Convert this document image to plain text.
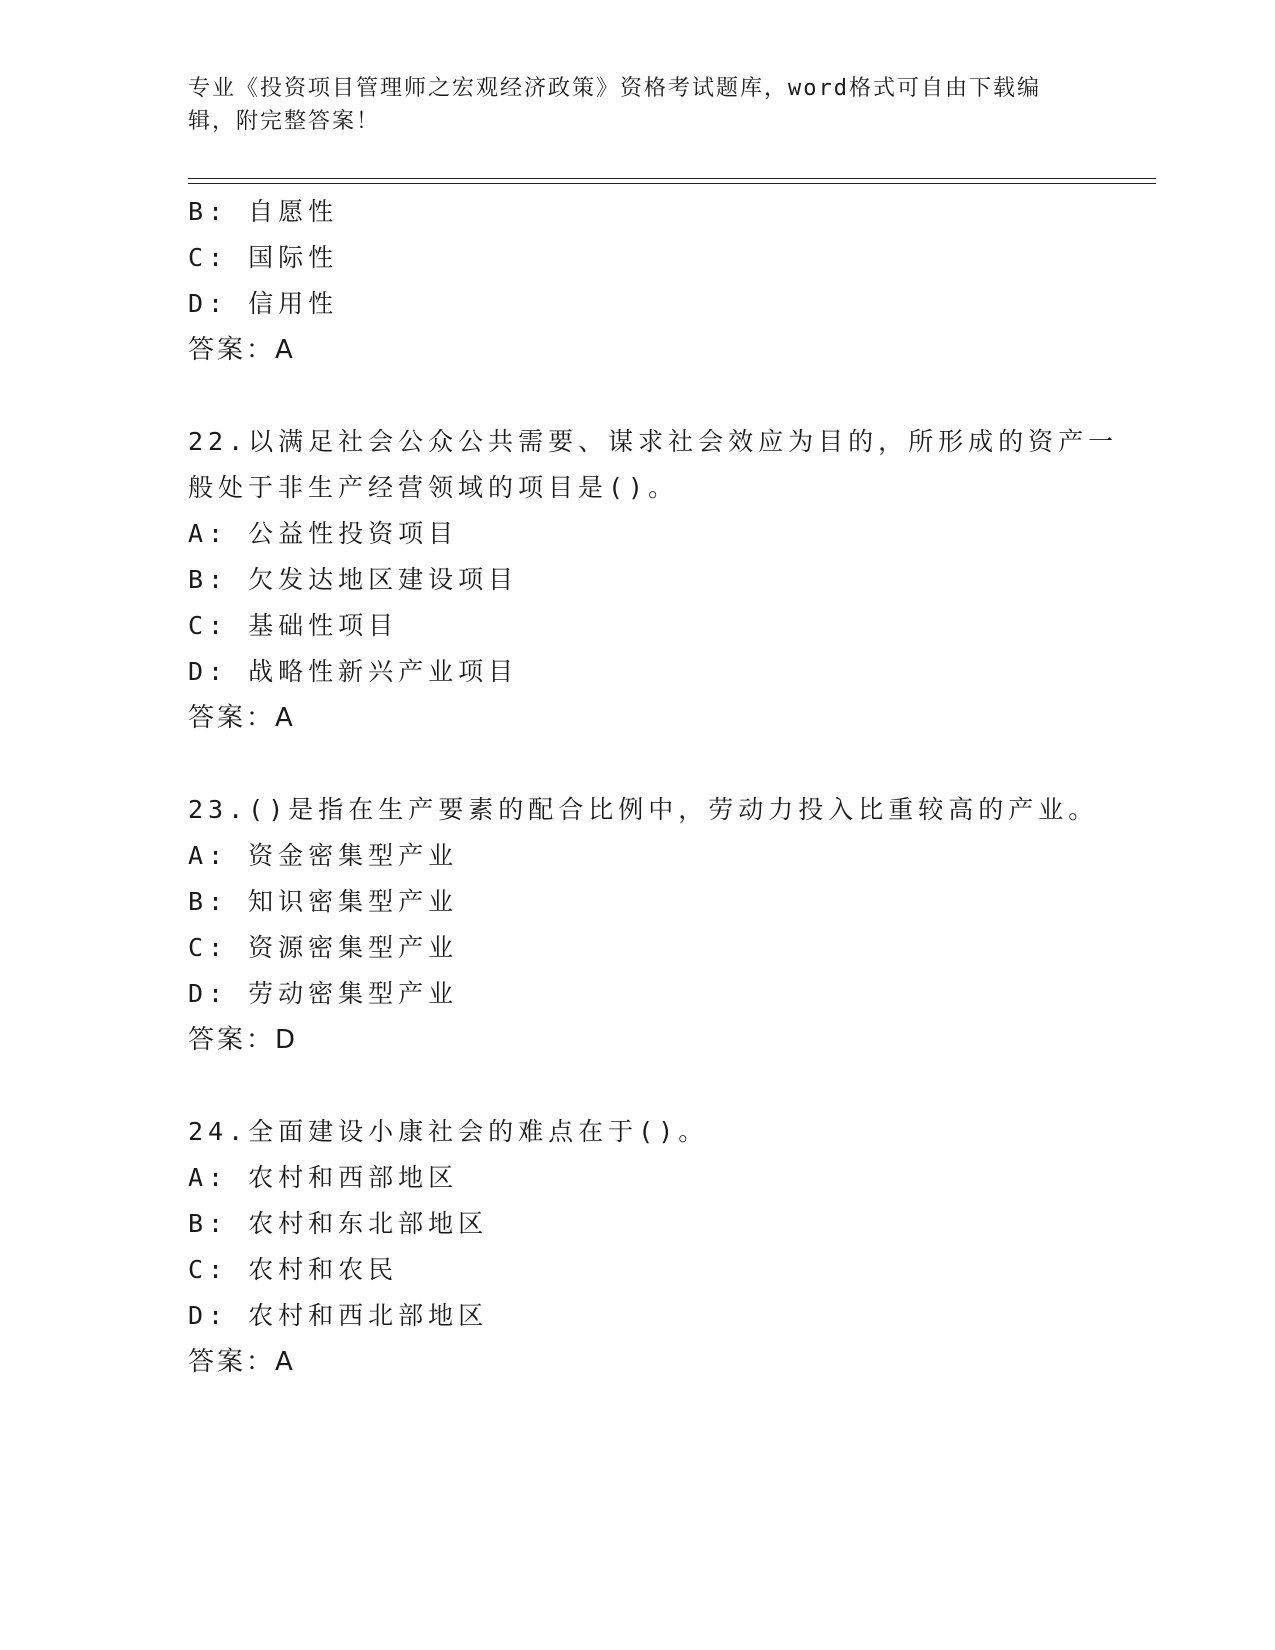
专业《投资项目管理师之宏观经济政策》资格考试题库，word格式可自由下载编辑，附完整答案！
B: 自愿性
C: 国际性
D: 信用性
答案：A
22.以满足社会公众公共需要、谋求社会效应为目的，所形成的资产一
般处于非生产经营领域的项目是()。
A: 公益性投资项目
B: 欠发达地区建设项目
C: 基础性项目
D: 战略性新兴产业项目
答案：A
23.()是指在生产要素的配合比例中，劳动力投入比重较高的产业。
A: 资金密集型产业
B: 知识密集型产业
C: 资源密集型产业
D: 劳动密集型产业
答案：D
24.全面建设小康社会的难点在于()。
A: 农村和西部地区
B: 农村和东北部地区
C: 农村和农民
D: 农村和西北部地区
答案：A
